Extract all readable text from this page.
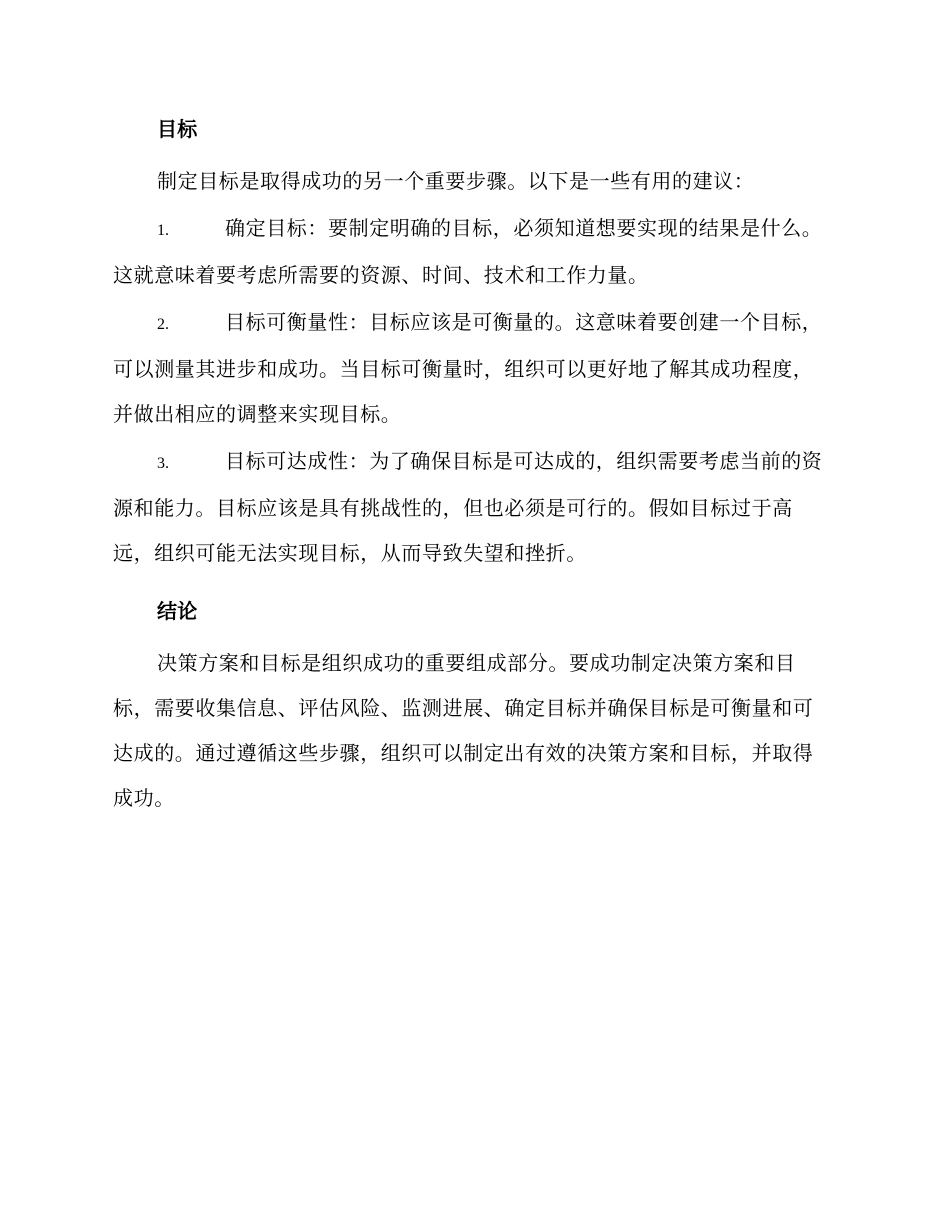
目标

制定目标是取得成功的另一个重要步骤。以下是一些有用的建议：

1.	确定目标：要制定明确的目标，必须知道想要实现的结果是什么。这就意味着要考虑所需要的资源、时间、技术和工作力量。

2.	目标可衡量性：目标应该是可衡量的。这意味着要创建一个目标，可以测量其进步和成功。当目标可衡量时，组织可以更好地了解其成功程度，并做出相应的调整来实现目标。

3.	目标可达成性：为了确保目标是可达成的，组织需要考虑当前的资源和能力。目标应该是具有挑战性的，但也必须是可行的。假如目标过于高远，组织可能无法实现目标，从而导致失望和挫折。

结论

决策方案和目标是组织成功的重要组成部分。要成功制定决策方案和目标，需要收集信息、评估风险、监测进展、确定目标并确保目标是可衡量和可达成的。通过遵循这些步骤，组织可以制定出有效的决策方案和目标，并取得成功。
